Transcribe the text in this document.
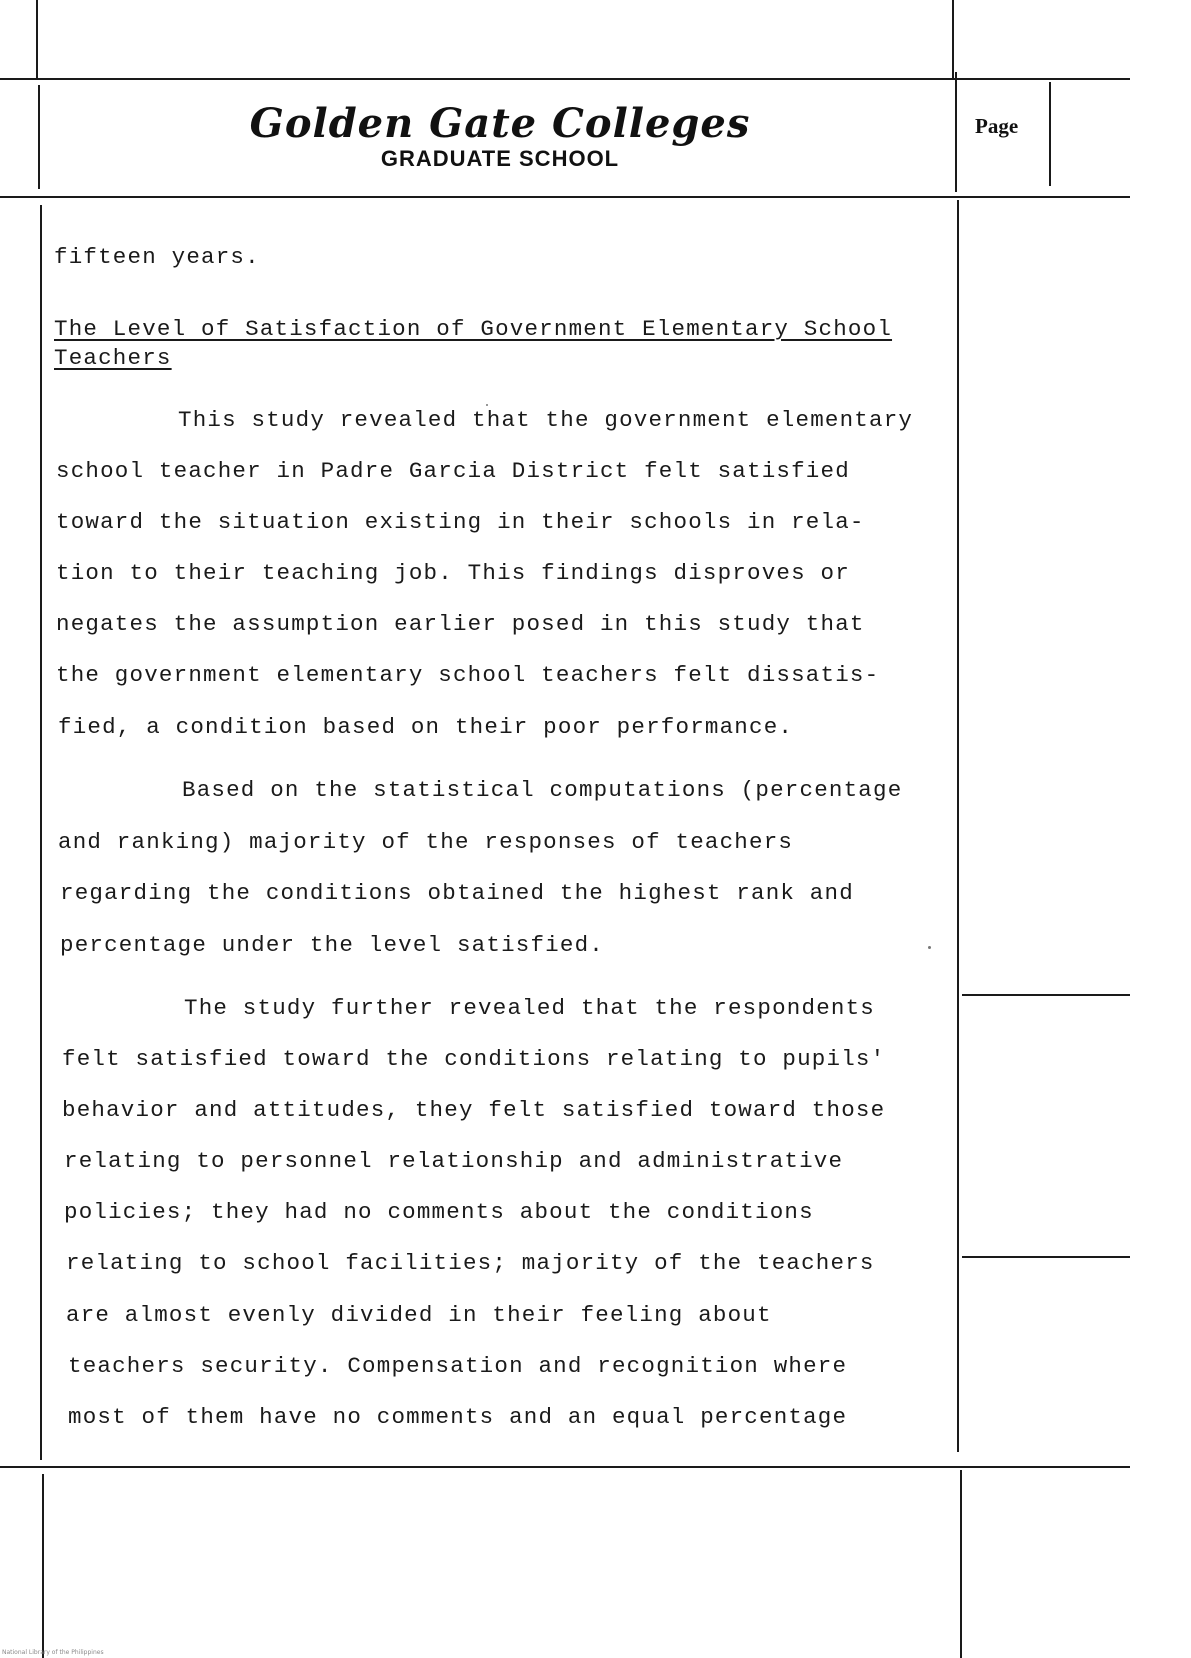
Golden Gate Colleges
GRADUATE SCHOOL
Page
fifteen years.
The Level of Satisfaction of Government Elementary School
Teachers
This study revealed that the government elementary
school teacher in Padre Garcia District felt satisfied
toward the situation existing in their schools in rela-
tion to their teaching job. This findings disproves or
negates the assumption earlier posed in this study that
the government elementary school teachers felt dissatis-
fied, a condition based on their poor performance.
Based on the statistical computations (percentage
and ranking) majority of the responses of teachers
regarding the conditions obtained the highest rank and
percentage under the level satisfied.
The study further revealed that the respondents
felt satisfied toward the conditions relating to pupils'
behavior and attitudes, they felt satisfied toward those
relating to personnel relationship and administrative
policies; they had no comments about the conditions
relating to school facilities; majority of the teachers
are almost evenly divided in their feeling about
teachers security. Compensation and recognition where
most of them have no comments and an equal percentage
National Library of the Philippines
